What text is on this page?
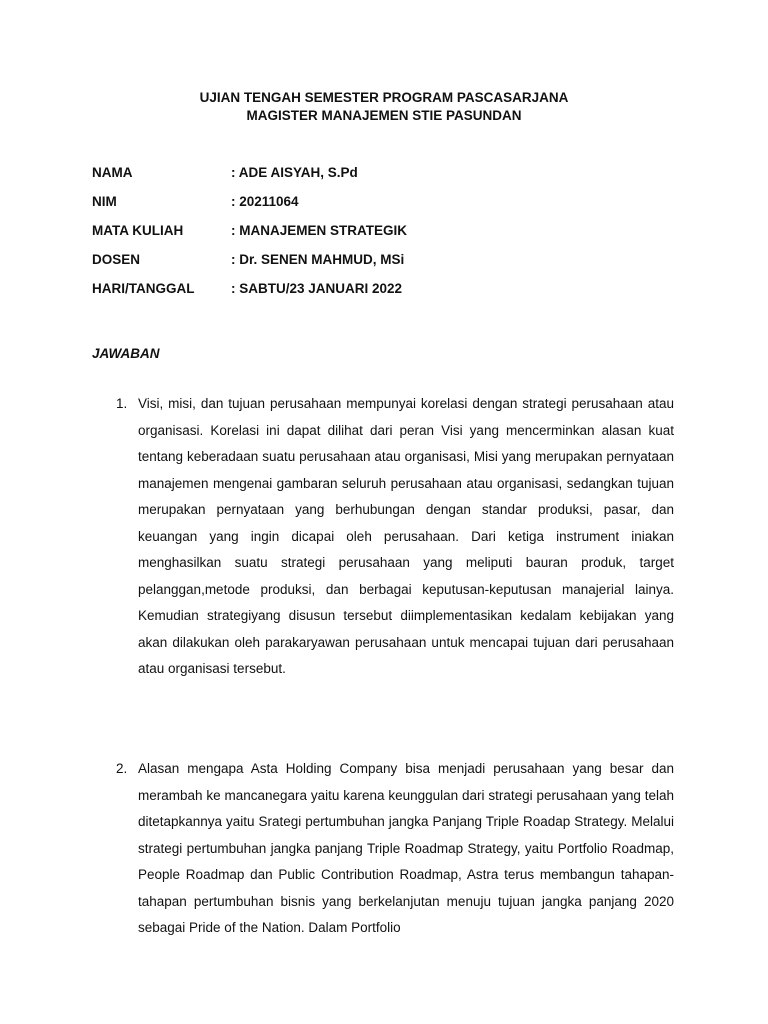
UJIAN TENGAH SEMESTER PROGRAM PASCASARJANA
MAGISTER MANAJEMEN STIE PASUNDAN
NAMA	: ADE AISYAH, S.Pd
NIM	: 20211064
MATA KULIAH	: MANAJEMEN STRATEGIK
DOSEN	: Dr. SENEN MAHMUD, MSi
HARI/TANGGAL	: SABTU/23 JANUARI 2022
JAWABAN
1. Visi, misi, dan tujuan perusahaan mempunyai korelasi dengan strategi perusahaan atau organisasi. Korelasi ini dapat dilihat dari peran Visi yang mencerminkan alasan kuat tentang keberadaan suatu perusahaan atau organisasi, Misi yang merupakan pernyataan manajemen mengenai gambaran seluruh perusahaan atau organisasi, sedangkan tujuan merupakan pernyataan yang berhubungan dengan standar produksi, pasar, dan keuangan yang ingin dicapai oleh perusahaan. Dari ketiga instrument iniakan menghasilkan suatu strategi perusahaan yang meliputi bauran produk, target pelanggan,metode produksi, dan berbagai keputusan-keputusan manajerial lainya. Kemudian strategiyang disusun tersebut diimplementasikan kedalam kebijakan yang akan dilakukan oleh parakaryawan perusahaan untuk mencapai tujuan dari perusahaan atau organisasi tersebut.
2. Alasan mengapa Asta Holding Company bisa menjadi perusahaan yang besar dan merambah ke mancanegara yaitu karena keunggulan dari strategi perusahaan yang telah ditetapkannya yaitu Srategi pertumbuhan jangka Panjang Triple Roadap Strategy. Melalui strategi pertumbuhan jangka panjang Triple Roadmap Strategy, yaitu Portfolio Roadmap, People Roadmap dan Public Contribution Roadmap, Astra terus membangun tahapan-tahapan pertumbuhan bisnis yang berkelanjutan menuju tujuan jangka panjang 2020 sebagai Pride of the Nation. Dalam Portfolio
